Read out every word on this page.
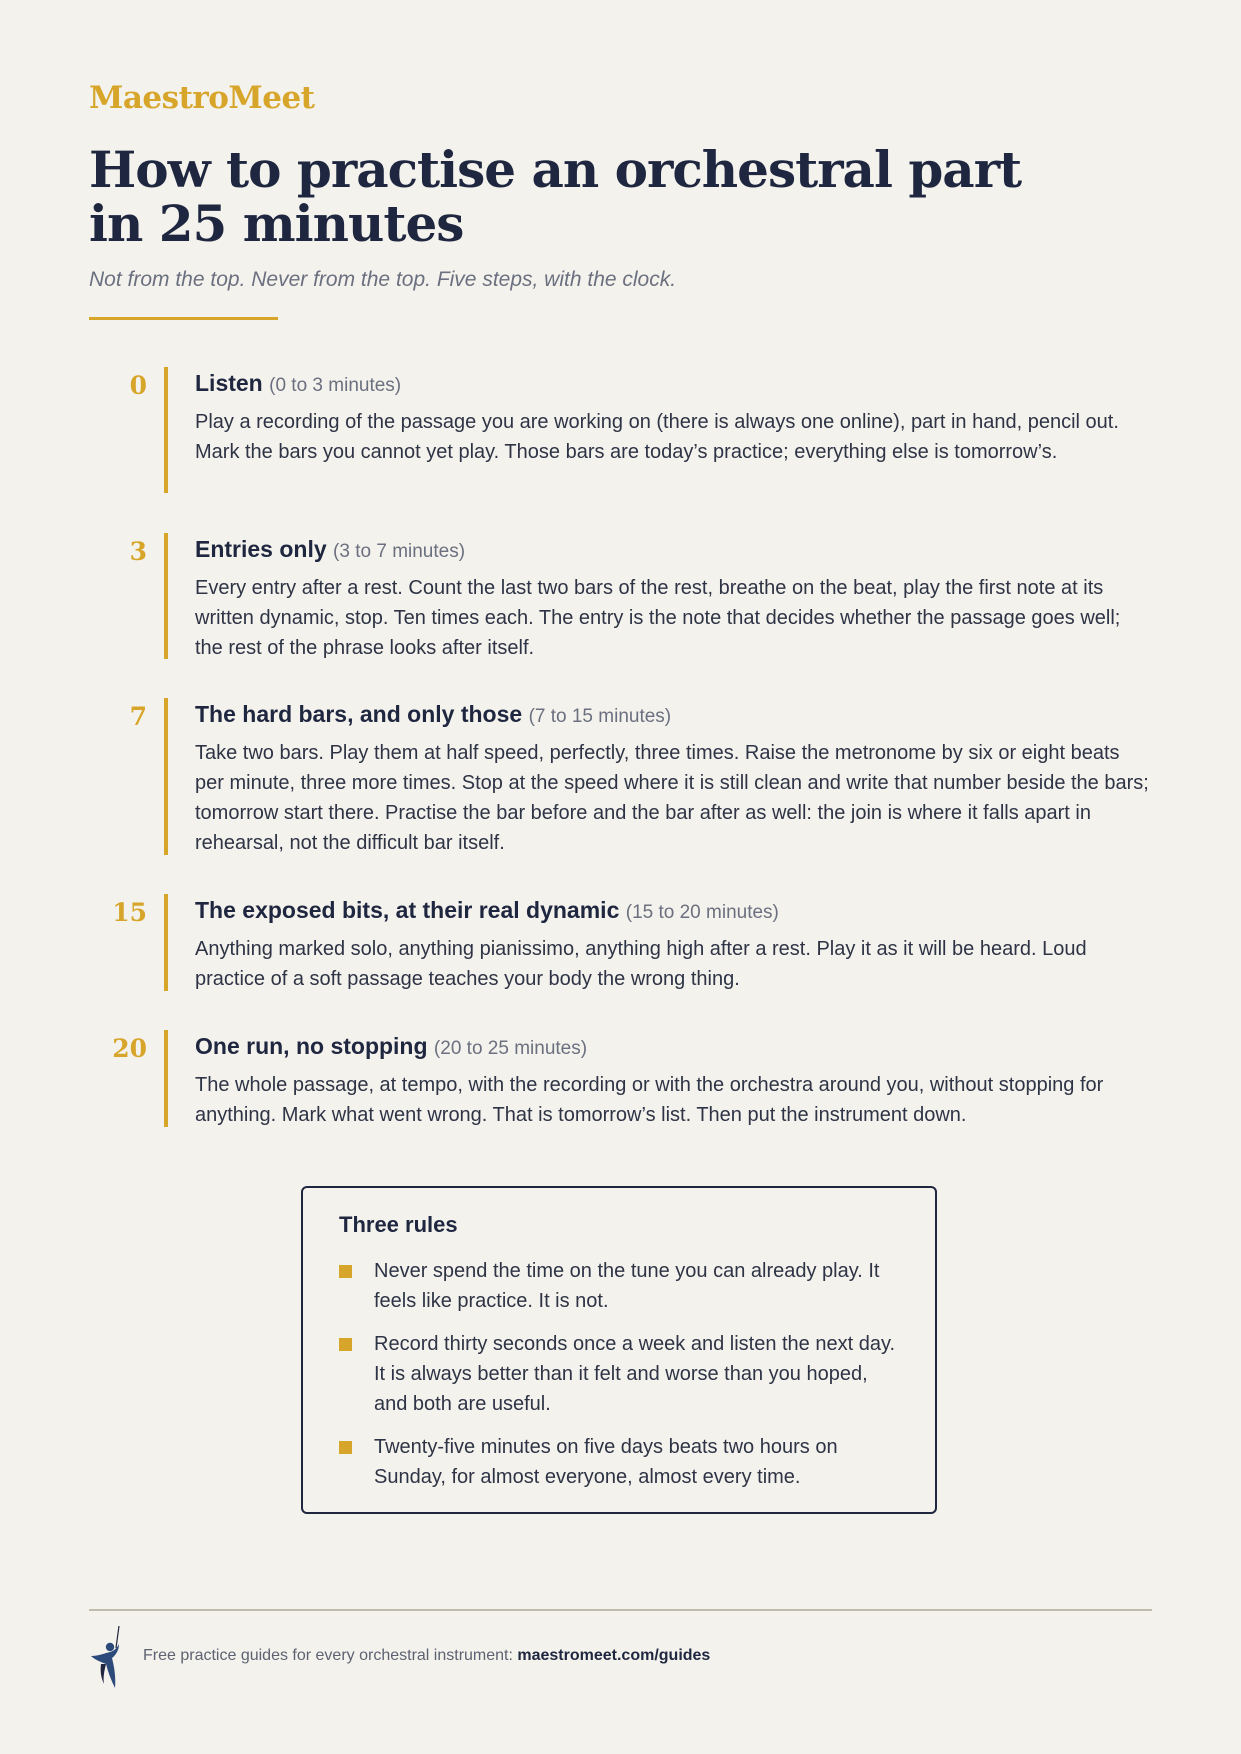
MaestroMeet
How to practise an orchestral part in 25 minutes
Not from the top. Never from the top. Five steps, with the clock.
0 Listen (0 to 3 minutes)
Play a recording of the passage you are working on (there is always one online), part in hand, pencil out. Mark the bars you cannot yet play. Those bars are today’s practice; everything else is tomorrow’s.
3 Entries only (3 to 7 minutes)
Every entry after a rest. Count the last two bars of the rest, breathe on the beat, play the first note at its written dynamic, stop. Ten times each. The entry is the note that decides whether the passage goes well; the rest of the phrase looks after itself.
7 The hard bars, and only those (7 to 15 minutes)
Take two bars. Play them at half speed, perfectly, three times. Raise the metronome by six or eight beats per minute, three more times. Stop at the speed where it is still clean and write that number beside the bars; tomorrow start there. Practise the bar before and the bar after as well: the join is where it falls apart in rehearsal, not the difficult bar itself.
15 The exposed bits, at their real dynamic (15 to 20 minutes)
Anything marked solo, anything pianissimo, anything high after a rest. Play it as it will be heard. Loud practice of a soft passage teaches your body the wrong thing.
20 One run, no stopping (20 to 25 minutes)
The whole passage, at tempo, with the recording or with the orchestra around you, without stopping for anything. Mark what went wrong. That is tomorrow’s list. Then put the instrument down.
Three rules
Never spend the time on the tune you can already play. It feels like practice. It is not.
Record thirty seconds once a week and listen the next day. It is always better than it felt and worse than you hoped, and both are useful.
Twenty-five minutes on five days beats two hours on Sunday, for almost everyone, almost every time.
Free practice guides for every orchestral instrument: maestromeet.com/guides
